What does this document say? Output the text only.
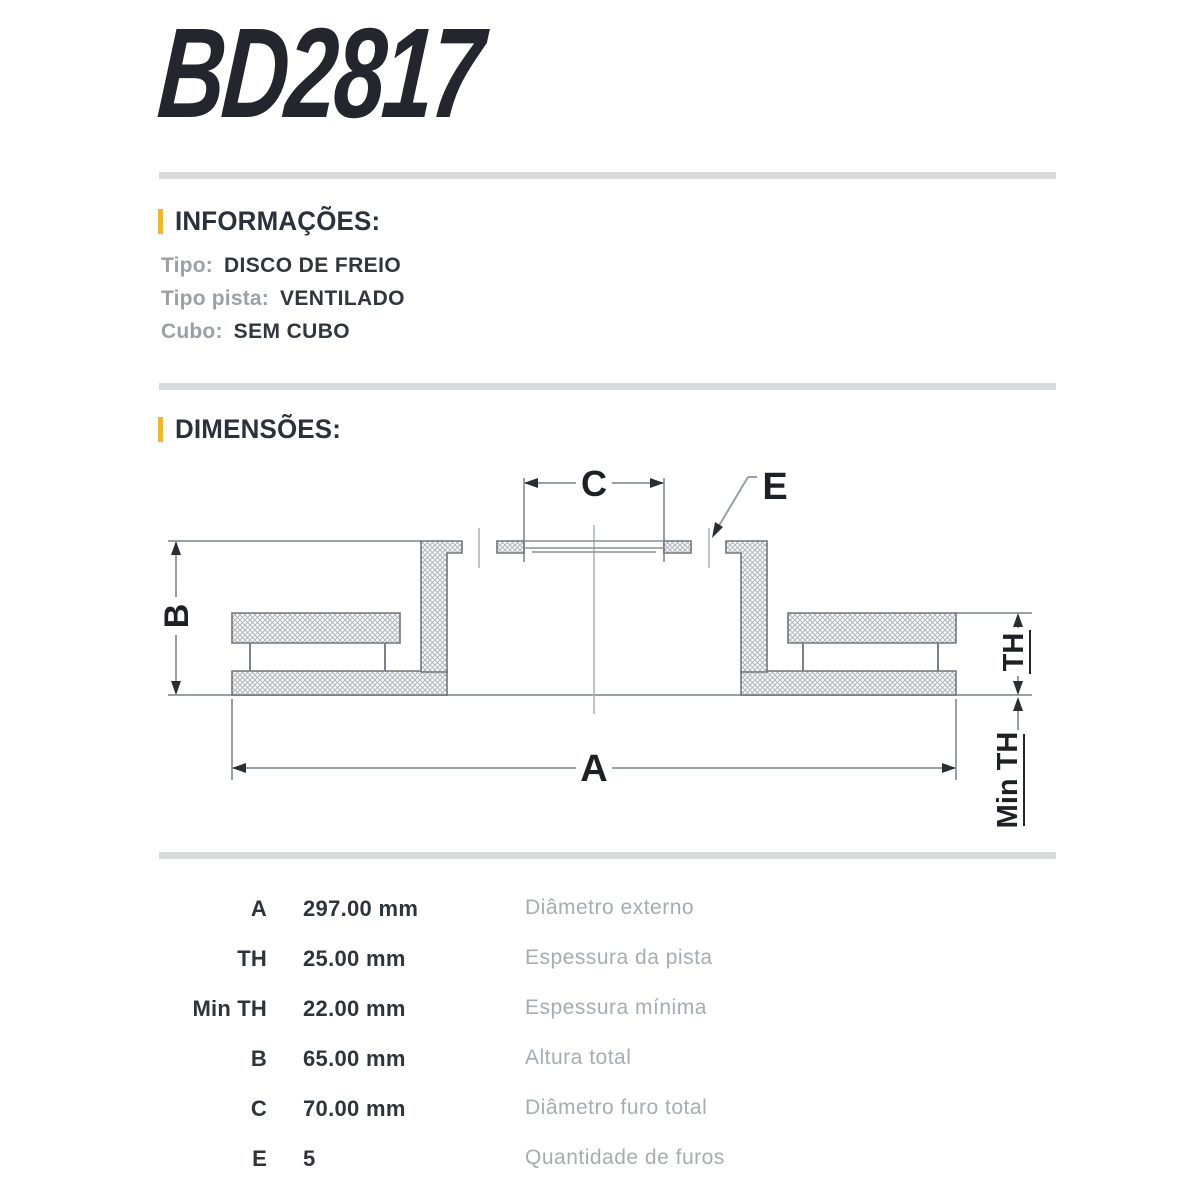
BD2817
INFORMAÇÕES:
Tipo: DISCO DE FREIO
Tipo pista: VENTILADO
Cubo: SEM CUBO
DIMENSÕES:
C	E
B
TH
Min TH
A
A 297.00 mm	Diâmetro externo
TH 25.00 mm	Espessura da pista
Min TH 22.00 mm	Espessura mínima
B 65.00 mm	Altura total
C 70.00 mm	Diâmetro furo total
E 5	Quantidade de furos
